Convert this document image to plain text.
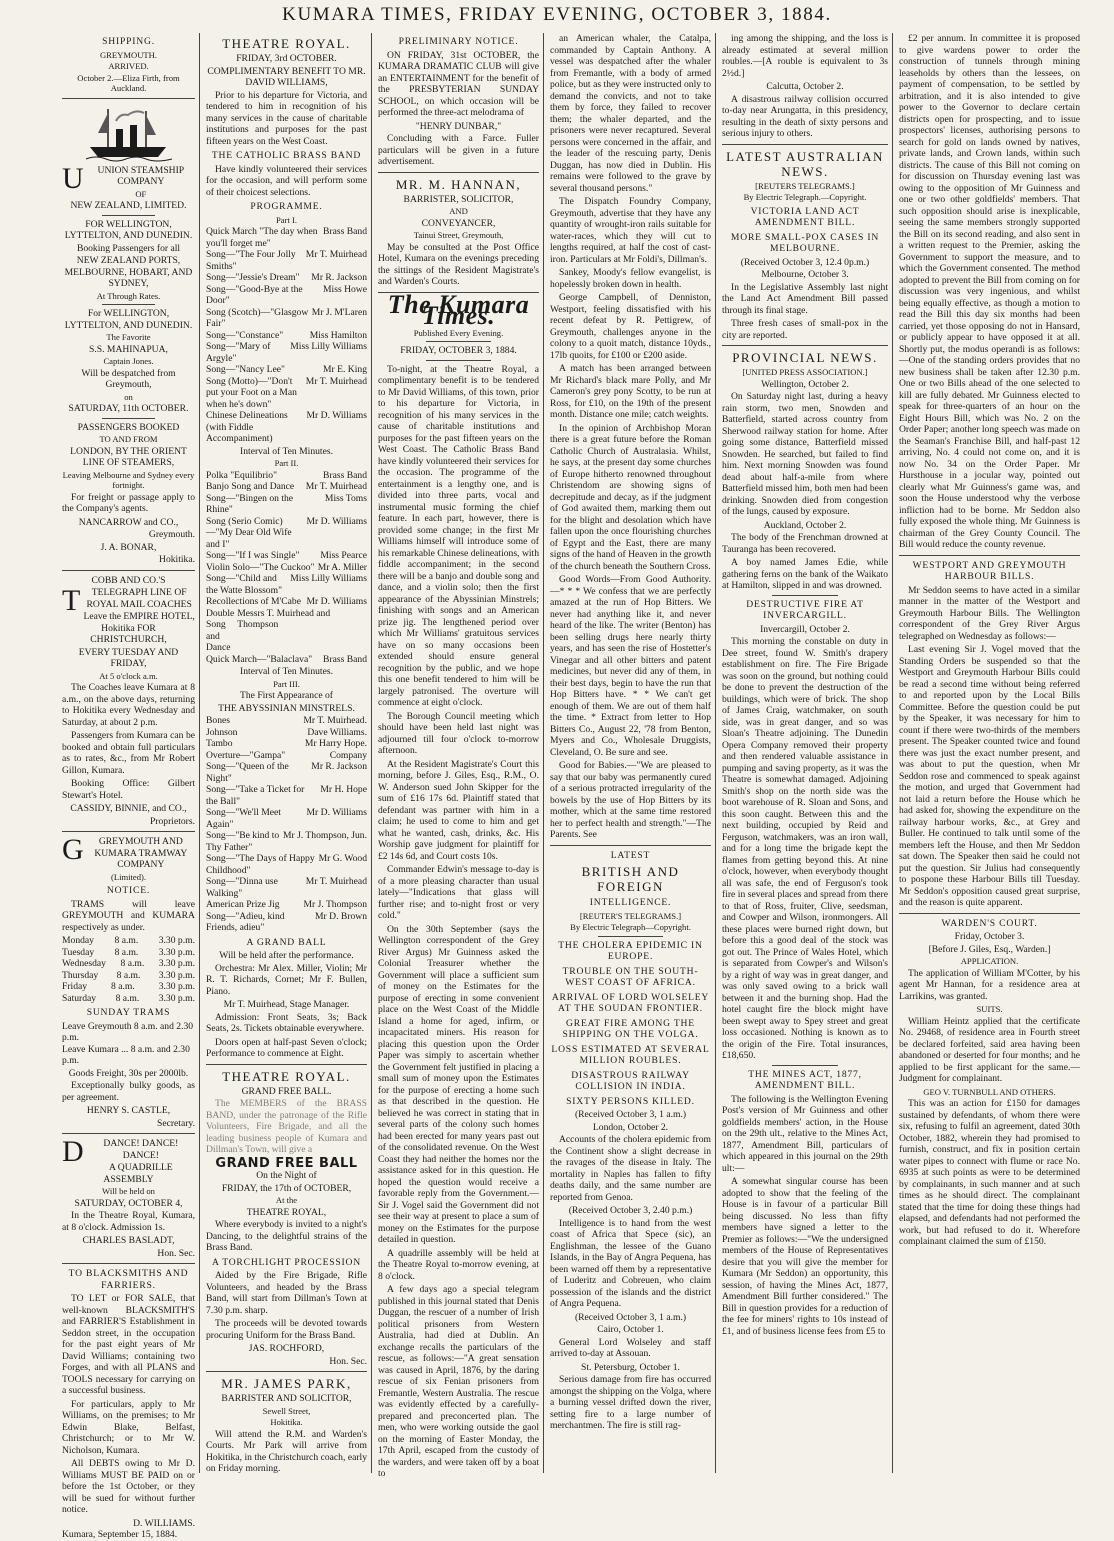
KUMARA TIMES, FRIDAY EVENING, OCTOBER 3, 1884.
SHIPPING.
GREYMOUTH.
ARRIVED.
October 2.—Eliza Firth, from Auckland.
U UNION STEAMSHIP COMPANY
OF
NEW ZEALAND, LIMITED.
FOR WELLINGTON, LYTTELTON, AND DUNEDIN.
Booking Passengers for all
NEW ZEALAND PORTS, MELBOURNE, HOBART, AND SYDNEY,
At Through Rates.
For WELLINGTON, LYTTELTON, AND DUNEDIN.
The Favorite
S.S. MAHINAPUA,
Captain Jones.
Will be despatched from Greymouth,
on
SATURDAY, 11th OCTOBER.
PASSENGERS BOOKED
TO AND FROM
LONDON, BY THE ORIENT LINE OF STEAMERS,
Leaving Melbourne and Sydney every fortnight.

For freight or passage apply to the Company's agents.

NANCARROW and CO.,
Greymouth.
J. A. BONAR,
Hokitika.
COBB AND CO.'S
T TELEGRAPH LINE OF ROYAL MAIL COACHES
Leave the EMPIRE HOTEL, Hokitika FOR CHRISTCHURCH,
EVERY TUESDAY AND FRIDAY,
At 5 o'clock a.m.

The Coaches leave Kumara at 8 a.m., on the above days, returning to Hokitika every Wednesday and Saturday, at about 2 p.m.

Passengers from Kumara can be booked and obtain full particulars as to rates, &c., from Mr Robert Gillon, Kumara.

Booking Office: Gilbert Stewart's Hotel.

CASSIDY, BINNIE, and CO.,
Proprietors.
G GREYMOUTH AND KUMARA TRAMWAY COMPANY
(Limited).
NOTICE.

TRAMS will leave GREYMOUTH and KUMARA respectively as under.

Monday 8 a.m. 3.30 p.m.
Tuesday 8 a.m. 3.30 p.m.
Wednesday 8 a.m. 3.30 p.m.
Thursday 8 a.m. 3.30 p.m.
Friday 8 a.m. 3.30 p.m.
Saturday 8 a.m. 3.30 p.m.
SUNDAY TRAMS
Leave Greymouth 8 a.m. and 2.30 p.m.
Leave Kumara ... 8 a.m. and 2.30 p.m.
Goods Freight, 30s per 2000lb.

Exceptionally bulky goods, as per agreement.

HENRY S. CASTLE,
Secretary.
D DANCE! DANCE! DANCE!
A QUADRILLE ASSEMBLY
Will be held on
SATURDAY, OCTOBER 4,

In the Theatre Royal, Kumara, at 8 o'clock. Admission 1s.

CHARLES BASLADT,
Hon. Sec.
TO BLACKSMITHS AND FARRIERS.

TO LET or FOR SALE, that well-known BLACKSMITH'S and FARRIER'S Establishment in Seddon street, in the occupation for the past eight years of Mr David Williams; containing two Forges, and with all PLANS and TOOLS necessary for carrying on a successful business.

For particulars, apply to Mr Williams, on the premises; to Mr Edwin Blake, Belfast, Christchurch; or to Mr W. Nicholson, Kumara.

All DEBTS owing to Mr D. Williams MUST BE PAID on or before the 1st October, or they will be sued for without further notice.

D. WILLIAMS.
Kumara, September 15, 1884.
THEATRE ROYAL.
FRIDAY, 3rd OCTOBER.
COMPLIMENTARY BENEFIT TO MR. DAVID WILLIAMS,

Prior to his departure for Victoria, and tendered to him in recognition of his many services in the cause of charitable institutions and purposes for the past fifteen years on the West Coast.

THE CATHOLIC BRASS BAND

Have kindly volunteered their services for the occasion, and will perform some of their choicest selections.

PROGRAMME.
Part I.
Quick March "The day when you'll forget me"
Brass Band
Song—"The Four Jolly Smiths"
Mr T. Muirhead
Song—"Jessie's Dream"	Mr R. Jackson
Song—"Good-Bye at the Door"
Miss Howe
Song (Scotch)—"Glasgow Fair"
Mr J. M'Laren
Song—"Constance"	Miss Hamilton
Song—"Mary of Argyle"
Miss Lilly Williams
Song—"Nancy Lee"	Mr E. King
Song (Motto)—"Don't put your Foot on a Man when he's down"
Mr T. Muirhead
Chinese Delineations (with Fiddle Accompaniment)
Mr D. Williams
Interval of Ten Minutes.
Part II.
Polka "Equilibrio"	Brass Band
Banjo Song and Dance	Mr T. Muirhead
Song—"Bingen on the Rhine"
Miss Toms
Song (Serio Comic)—"My Dear Old Wife and I"
Mr D. Williams
Song—"If I was Single"	Miss Pearce
Violin Solo—"The Cuckoo" Mr A. Miller
Song—"Child and the Watte Blossom"
Miss Lilly Williams
Recollections of M'Cabe Mr D. Williams
Double Song and Dance
Messrs T. Muirhead and Thompson
Quick March—"Balaclava"	Brass Band
Interval of Ten Minutes.
Part III.
The First Appearance of
THE ABYSSINIAN MINSTRELS.
Bones	Mr T. Muirhead.
Johnson	Dave Williams.
Tambo	Mr Harry Hope.
Overture—"Gampa"	Company
Song—"Queen of the Night"
Mr R. Jackson
Song—"Take a Ticket for the Ball"
Mr H. Hope
Song—"We'll Meet Again"
Mr D. Williams
Song—"Be kind to Thy Father"
Mr J. Thompson, Jun.
Song—"The Days of Happy Childhood"
Mr G. Wood
Song—"Dinna use Walking"
Mr T. Muirhead
American Prize Jig	Mr J. Thompson
Song—"Adieu, kind Friends, adieu"
Mr D. Brown
A GRAND BALL
Will be held after the performance.

Orchestra: Mr Alex. Miller, Violin; Mr R. T. Richards, Cornet; Mr F. Bullen, Piano.

Mr T. Muirhead, Stage Manager.

Admission: Front Seats, 3s; Back Seats, 2s. Tickets obtainable everywhere.

Doors open at half-past Seven o'clock; Performance to commence at Eight.

THEATRE ROYAL.
GRAND FREE BALL.

The MEMBERS of the BRASS BAND, under the patronage of the Rifle Volunteers, Fire Brigade, and all the leading business people of Kumara and Dillman's Town, will give a

GRAND FREE BALL
On the Night of
FRIDAY, the 17th of OCTOBER,
At the
THEATRE ROYAL,

Where everybody is invited to a night's Dancing, to the delightful strains of the Brass Band.

A TORCHLIGHT PROCESSION

Aided by the Fire Brigade, Rifle Volunteers, and headed by the Brass Band, will start from Dillman's Town at 7.30 p.m. sharp.

The proceeds will be devoted towards procuring Uniform for the Brass Band.

JAS. ROCHFORD,
Hon. Sec.
MR. JAMES PARK,
BARRISTER AND SOLICITOR,
Sewell Street,
Hokitika.

Will attend the R.M. and Warden's Courts. Mr Park will arrive from Hokitika, in the Christchurch coach, early on Friday morning.

PRELIMINARY NOTICE.

ON FRIDAY, 31st OCTOBER, the KUMARA DRAMATIC CLUB will give an ENTERTAINMENT for the benefit of the PRESBYTERIAN SUNDAY SCHOOL, on which occasion will be performed the three-act melodrama of

"HENRY DUNBAR,"

Concluding with a Farce. Fuller particulars will be given in a future advertisement.

MR. M. HANNAN,
BARRISTER, SOLICITOR,
AND
CONVEYANCER,
Tainui Street, Greymouth,

May be consulted at the Post Office Hotel, Kumara on the evenings preceding the sittings of the Resident Magistrate's and Warden's Courts.

The Kumara Times.
Published Every Evening.
FRIDAY, OCTOBER 3, 1884.

To-night, at the Theatre Royal, a complimentary benefit is to be tendered to Mr David Williams, of this town, prior to his departure for Victoria, in recognition of his many services in the cause of charitable institutions and purposes for the past fifteen years on the West Coast. The Catholic Brass Band have kindly volunteered their services for the occasion. The programme of the entertainment is a lengthy one, and is divided into three parts, vocal and instrumental music forming the chief feature. In each part, however, there is provided some change; in the first Mr Williams himself will introduce some of his remarkable Chinese delineations, with fiddle accompaniment; in the second there will be a banjo and double song and dance, and a violin solo; then the first appearance of the Abyssinian Minstrels; finishing with songs and an American prize jig. The lengthened period over which Mr Williams' gratuitous services have on so many occasions been extended should ensure general recognition by the public, and we hope this one benefit tendered to him will be largely patronised. The overture will commence at eight o'clock.

The Borough Council meeting which should have been held last night was adjourned till four o'clock to-morrow afternoon.

At the Resident Magistrate's Court this morning, before J. Giles, Esq., R.M., O. W. Anderson sued John Skipper for the sum of £16 17s 6d. Plaintiff stated that defendant was partner with him in a claim; he used to come to him and get what he wanted, cash, drinks, &c. His Worship gave judgment for plaintiff for £2 14s 6d, and Court costs 10s.

Commander Edwin's message to-day is of a more pleasing character than usual lately—"Indications that glass will further rise; and to-night frost or very cold."

On the 30th September (says the Wellington correspondent of the Grey River Argus) Mr Guinness asked the Colonial Treasurer whether the Government will place a sufficient sum of money on the Estimates for the purpose of erecting in some convenient place on the West Coast of the Middle Island a home for aged, infirm, or incapacitated miners. His reason for placing this question upon the Order Paper was simply to ascertain whether the Government felt justified in placing a small sum of money upon the Estimates for the purpose of erecting a home such as that described in the question. He believed he was correct in stating that in several parts of the colony such homes had been erected for many years past out of the consolidated revenue. On the West Coast they had neither the homes nor the assistance asked for in this question. He hoped the question would receive a favorable reply from the Government.—Sir J. Vogel said the Government did not see their way at present to place a sum of money on the Estimates for the purpose detailed in question.

A quadrille assembly will be held at the Theatre Royal to-morrow evening, at 8 o'clock.

A few days ago a special telegram published in this journal stated that Denis Duggan, the rescuer of a number of Irish political prisoners from Western Australia, had died at Dublin. An exchange recalls the particulars of the rescue, as follows:—"A great sensation was caused in April, 1876, by the daring rescue of six Fenian prisoners from Fremantle, Western Australia. The rescue was evidently effected by a carefully-prepared and preconcerted plan. The men, who were working outside the gaol on the morning of Easter Monday, the 17th April, escaped from the custody of the warders, and were taken off by a boat to

an American whaler, the Catalpa, commanded by Captain Anthony. A vessel was despatched after the whaler from Fremantle, with a body of armed police, but as they were instructed only to demand the convicts, and not to take them by force, they failed to recover them; the whaler departed, and the prisoners were never recaptured. Several persons were concerned in the affair, and the leader of the rescuing party, Denis Duggan, has now died in Dublin. His remains were followed to the grave by several thousand persons."

The Dispatch Foundry Company, Greymouth, advertise that they have any quantity of wrought-iron rails suitable for water-races, which they will cut to lengths required, at half the cost of cast-iron. Particulars at Mr Foldi's, Dillman's.

Sankey, Moody's fellow evangelist, is hopelessly broken down in health.

George Campbell, of Denniston, Westport, feeling dissatisfied with his recent defeat by R. Pettigrew, of Greymouth, challenges anyone in the colony to a quoit match, distance 10yds., 17lb quoits, for £100 or £200 aside.

A match has been arranged between Mr Richard's black mare Polly, and Mr Cameron's grey pony Scotty, to be run at Ross, for £10, on the 19th of the present month. Distance one mile; catch weights.

In the opinion of Archbishop Moran there is a great future before the Roman Catholic Church of Australasia. Whilst, he says, at the present day some churches of Europe hitherto renowned throughout Christendom are showing signs of decrepitude and decay, as if the judgment of God awaited them, marking them out for the blight and desolation which have fallen upon the once flourishing churches of Egypt and the East, there are many signs of the hand of Heaven in the growth of the church beneath the Southern Cross.

Good Words—From Good Authority.—* * * We confess that we are perfectly amazed at the run of Hop Bitters. We never had anything like it, and never heard of the like. The writer (Benton) has been selling drugs here nearly thirty years, and has seen the rise of Hostetter's Vinegar and all other bitters and patent medicines, but never did any of them, in their best days, begin to have the run that Hop Bitters have. * * We can't get enough of them. We are out of them half the time. * Extract from letter to Hop Bitters Co., August 22, '78 from Benton, Myers and Co., Wholesale Druggists, Cleveland, O. Be sure and see.

Good for Babies.—"We are pleased to say that our baby was permanently cured of a serious protracted irregularity of the bowels by the use of Hop Bitters by its mother, which at the same time restored her to perfect health and strength."—The Parents. See

LATEST
BRITISH AND FOREIGN
INTELLIGENCE.
[REUTER'S TELEGRAMS.]
By Electric Telegraph—Copyright.
THE CHOLERA EPIDEMIC IN EUROPE.
TROUBLE ON THE SOUTH-WEST COAST OF AFRICA.
ARRIVAL OF LORD WOLSELEY AT THE SOUDAN FRONTIER.
GREAT FIRE AMONG THE SHIPPING ON THE VOLGA.
LOSS ESTIMATED AT SEVERAL MILLION ROUBLES.
DISASTROUS RAILWAY COLLISION IN INDIA.
SIXTY PERSONS KILLED.
(Received October 3, 1 a.m.)
London, October 2.

Accounts of the cholera epidemic from the Continent show a slight decrease in the ravages of the disease in Italy. The mortality in Naples has fallen to fifty deaths daily, and the same number are reported from Genoa.

(Received October 3, 2.40 p.m.)

Intelligence is to hand from the west coast of Africa that Spece (sic), an Englishman, the lessee of the Guano Islands, in the Bay of Angra Pequena, has been warned off them by a representative of Luderitz and Cobreuen, who claim possession of the islands and the district of Angra Pequena.

(Received October 3, 1 a.m.)
Cairo, October 1.

General Lord Wolseley and staff arrived to-day at Assouan.

St. Petersburg, October 1.

Serious damage from fire has occurred amongst the shipping on the Volga, where a burning vessel drifted down the river, setting fire to a large number of merchantmen. The fire is still rag-

ing among the shipping, and the loss is already estimated at several million roubles.—[A rouble is equivalent to 3s 2½d.]

Calcutta, October 2.

A disastrous railway collision occurred to-day near Arungatta, in this presidency, resulting in the death of sixty persons and serious injury to others.

LATEST AUSTRALIAN NEWS.
[REUTERS TELEGRAMS.]
By Electric Telegraph.—Copyright.
VICTORIA LAND ACT AMENDMENT BILL.
MORE SMALL-POX CASES IN MELBOURNE.
(Received October 3, 12.4 0p.m.)
Melbourne, October 3.

In the Legislative Assembly last night the Land Act Amendment Bill passed through its final stage.

Three fresh cases of small-pox in the city are reported.

PROVINCIAL NEWS.
[UNITED PRESS ASSOCIATION.]
Wellington, October 2.

On Saturday night last, during a heavy rain storm, two men, Snowden and Batterfield, started across country from Sherwood railway station for home. After going some distance, Batterfield missed Snowden. He searched, but failed to find him. Next morning Snowden was found dead about half-a-mile from where Batterfield missed him, both men had been drinking. Snowden died from congestion of the lungs, caused by exposure.

Auckland, October 2.

The body of the Frenchman drowned at Tauranga has been recovered.

A boy named James Edie, while gathering ferns on the bank of the Waikato at Hamilton, slipped in and was drowned.

DESTRUCTIVE FIRE AT INVERCARGILL.
Invercargill, October 2.

This morning the constable on duty in Dee street, found W. Smith's drapery establishment on fire. The Fire Brigade was soon on the ground, but nothing could be done to prevent the destruction of the buildings, which were of brick. The shop of James Craig, watchmaker, on south side, was in great danger, and so was Sloan's Theatre adjoining. The Dunedin Opera Company removed their property and then rendered valuable assistance in pumping and saving property, as it was the Theatre is somewhat damaged. Adjoining Smith's shop on the north side was the boot warehouse of R. Sloan and Sons, and this soon caught. Between this and the next building, occupied by Reid and Ferguson, watchmakers, was an iron wall, and for a long time the brigade kept the flames from getting beyond this. At nine o'clock, however, when everybody thought all was safe, the end of Ferguson's took fire in several places and spread from there to that of Ross, fruiter, Clive, seedsman, and Cowper and Wilson, ironmongers. All these places were burned right down, but before this a good deal of the stock was got out. The Prince of Wales Hotel, which is separated from Cowper's and Wilson's by a right of way was in great danger, and was only saved owing to a brick wall between it and the burning shop. Had the hotel caught fire the block might have been swept away to Spey street and great loss occasioned. Nothing is known as to the origin of the Fire. Total insurances, £18,650.

THE MINES ACT, 1877, AMENDMENT BILL.

The following is the Wellington Evening Post's version of Mr Guinness and other goldfields members' action, in the House on the 29th ult., relative to the Mines Act, 1877, Amendment Bill, particulars of which appeared in this journal on the 29th ult:—

A somewhat singular course has been adopted to show that the feeling of the House is in favour of a particular Bill being discussed. No less than fifty members have signed a letter to the Premier as follows:—"We the undersigned members of the House of Representatives desire that you will give the member for Kumara (Mr Seddon) an opportunity, this session, of having the Mines Act, 1877, Amendment Bill further considered." The Bill in question provides for a reduction of the fee for miners' rights to 10s instead of £1, and of business license fees from £5 to

£2 per annum. In committee it is proposed to give wardens power to order the construction of tunnels through mining leaseholds by others than the lessees, on payment of compensation, to be settled by arbitration, and it is also intended to give power to the Governor to declare certain districts open for prospecting, and to issue prospectors' licenses, authorising persons to search for gold on lands owned by natives, private lands, and Crown lands, within such districts. The cause of this Bill not coming on for discussion on Thursday evening last was owing to the opposition of Mr Guinness and one or two other goldfields' members. That such opposition should arise is inexplicable, seeing the same members strongly supported the Bill on its second reading, and also sent in a written request to the Premier, asking the Government to support the measure, and to which the Government consented. The method adopted to prevent the Bill from coming on for discussion was very ingenious, and whilst being equally effective, as though a motion to read the Bill this day six months had been carried, yet those opposing do not in Hansard, or publicly appear to have opposed it at all. Shortly put, the modus operandi is as follows:—One of the standing orders provides that no new business shall be taken after 12.30 p.m. One or two Bills ahead of the one selected to kill are fully debated. Mr Guinness elected to speak for three-quarters of an hour on the Eight Hours Bill, which was No. 2 on the Order Paper; another long speech was made on the Seaman's Franchise Bill, and half-past 12 arriving, No. 4 could not come on, and it is now No. 34 on the Order Paper. Mr Hursthouse in a jocular way, pointed out clearly what Mr Guinness's game was, and soon the House understood why the verbose infliction had to be borne. Mr Seddon also fully exposed the whole thing. Mr Guinness is chairman of the Grey County Council. The Bill would reduce the county revenue.

WESTPORT AND GREYMOUTH HARBOUR BILLS.

Mr Seddon seems to have acted in a similar manner in the matter of the Westport and Greymouth Harbour Bills. The Wellington correspondent of the Grey River Argus telegraphed on Wednesday as follows:—

Last evening Sir J. Vogel moved that the Standing Orders be suspended so that the Westport and Greymouth Harbour Bills could be read a second time without being referred to and reported upon by the Local Bills Committee. Before the question could be put by the Speaker, it was necessary for him to count if there were two-thirds of the members present. The Speaker counted twice and found there was just the exact number present, and was about to put the question, when Mr Seddon rose and commenced to speak against the motion, and urged that Government had not laid a return before the House which he had asked for, showing the expenditure on the railway harbour works, &c., at Grey and Buller. He continued to talk until some of the members left the House, and then Mr Seddon sat down. The Speaker then said he could not put the question. Sir Julius had consequently to pospone these Harbour Bills till Tuesday. Mr Seddon's opposition caused great surprise, and the reason is quite apparent.

WARDEN'S COURT.
Friday, October 3.
[Before J. Giles, Esq., Warden.]
APPLICATION.

The application of William M'Cotter, by his agent Mr Hannan, for a residence area at Larrikins, was granted.

SUITS.

William Heintz applied that the certificate No. 29468, of residence area in Fourth street be declared forfeited, said area having been abandoned or deserted for four months; and he applied to be first applicant for the same.—Judgment for complainant.

GEO V. TURNBULL AND OTHERS.

This was an action for £150 for damages sustained by defendants, of whom there were six, refusing to fulfil an agreement, dated 30th October, 1882, wherein they had promised to furnish, construct, and fix in position certain water pipes to connect with flume or race No. 6935 at such points as were to be determined by complainants, in such manner and at such times as he should direct. The complainant stated that the time for doing these things had elapsed, and defendants had not performed the work, but had refused to do it. Wherefore complainant claimed the sum of £150.
